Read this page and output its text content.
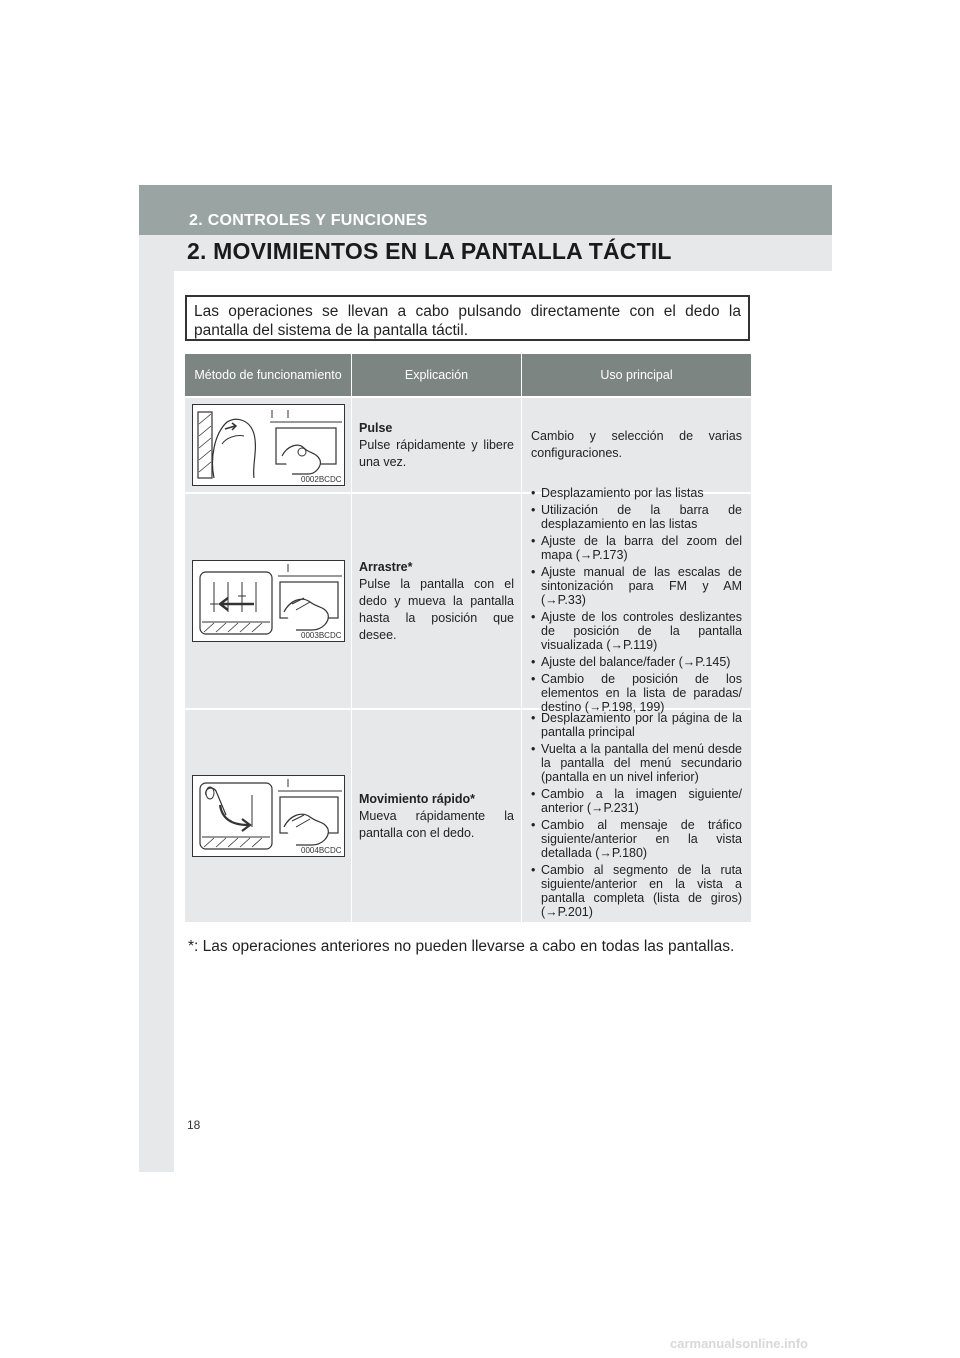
2. CONTROLES Y FUNCIONES
2. MOVIMIENTOS EN LA PANTALLA TÁCTIL
Las operaciones se llevan a cabo pulsando directamente con el dedo la pantalla del sistema de la pantalla táctil.
Método de funcionamiento	Explicación	Uso principal
0002BCDC
Pulse
Pulse rápidamente y libere una vez.
Cambio y selección de varias configuraciones.
0003BCDC
Arrastre*
Pulse la pantalla con el dedo y mueva la pantalla hasta la posición que desee.
• Desplazamiento por las listas
• Utilización de la barra de desplazamiento en las listas
• Ajuste de la barra del zoom del mapa (→P.173)
• Ajuste manual de las escalas de sintonización para FM y AM (→P.33)
• Ajuste de los controles deslizantes de posición de la pantalla visualizada (→P.119)
• Ajuste del balance/fader (→P.145)
• Cambio de posición de los elementos en la lista de paradas/ destino (→P.198, 199)
0004BCDC
Movimiento rápido*
Mueva rápidamente la pantalla con el dedo.
• Desplazamiento por la página de la pantalla principal
• Vuelta a la pantalla del menú desde la pantalla del menú secundario (pantalla en un nivel inferior)
• Cambio a la imagen siguiente/ anterior (→P.231)
• Cambio al mensaje de tráfico siguiente/anterior en la vista detallada (→P.180)
• Cambio al segmento de la ruta siguiente/anterior en la vista a pantalla completa (lista de giros) (→P.201)
*: Las operaciones anteriores no pueden llevarse a cabo en todas las pantallas.
18
carmanualsonline.info
